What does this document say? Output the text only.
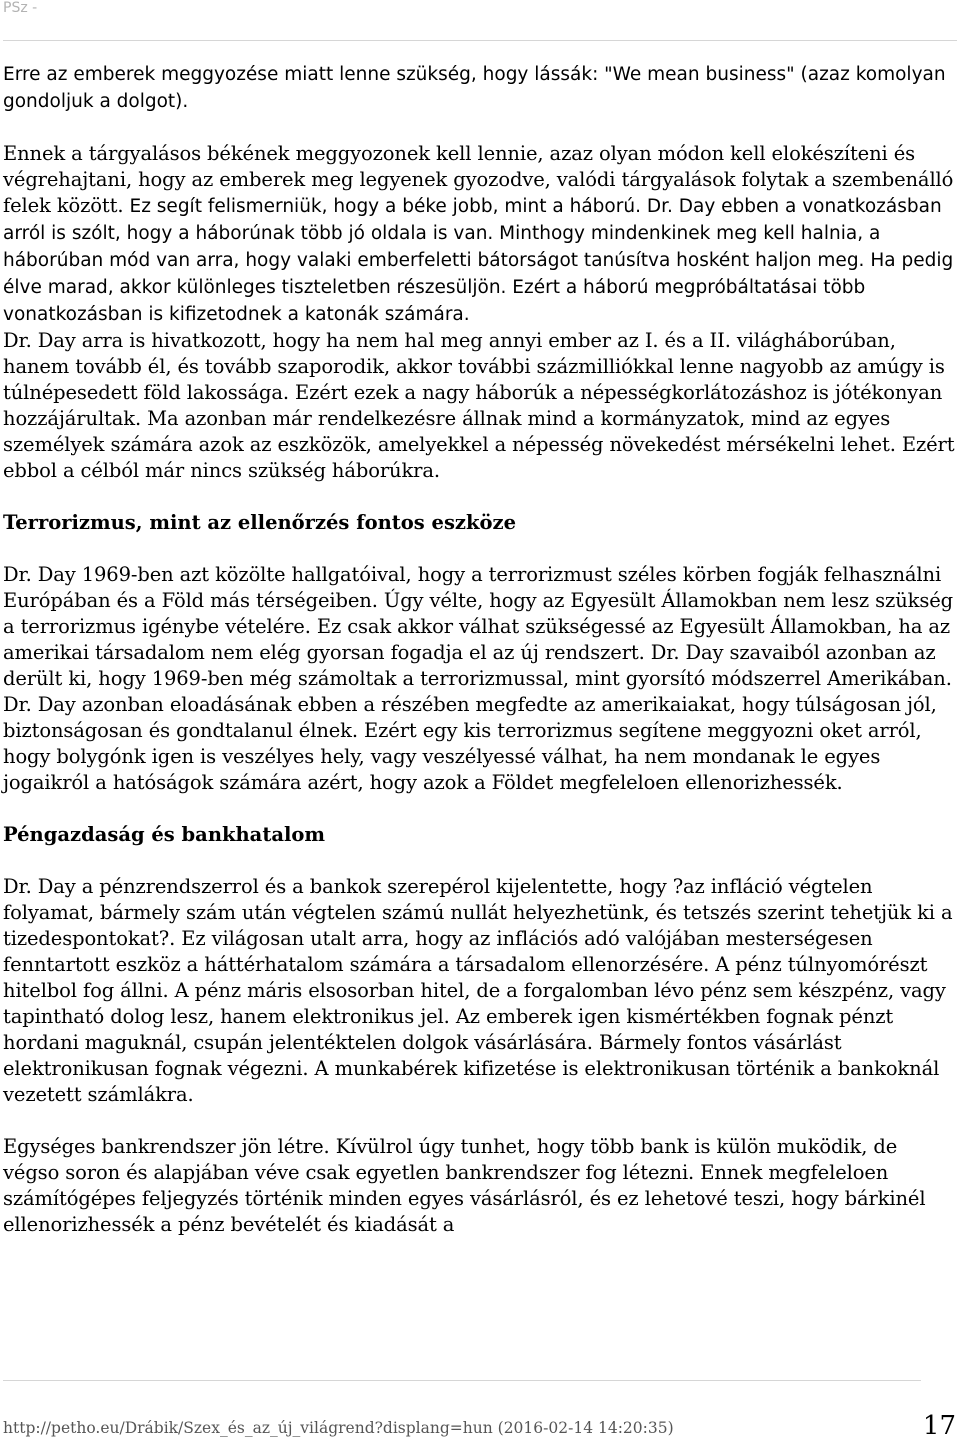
PSz -

Erre az emberek meggyozése miatt lenne szükség, hogy lássák: "We mean business" (azaz komolyan gondoljuk a dolgot).

Ennek a tárgyalásos békének meggyozonek kell lennie, azaz olyan módon kell elokészíteni és végrehajtani, hogy az emberek meg legyenek gyozodve, valódi tárgyalások folytak a szembenálló felek között. Ez segít felismerniük, hogy a béke jobb, mint a háború. Dr. Day ebben a vonatkozásban arról is szólt, hogy a háborúnak több jó oldala is van. Minthogy mindenkinek meg kell halnia, a háborúban mód van arra, hogy valaki emberfeletti bátorságot tanúsítva hosként haljon meg. Ha pedig élve marad, akkor különleges tiszteletben részesüljön. Ezért a háború megpróbáltatásai több vonatkozásban is kifizetodnek a katonák számára.
Dr. Day arra is hivatkozott, hogy ha nem hal meg annyi ember az I. és a II. világháborúban, hanem tovább él, és tovább szaporodik, akkor további százmilliókkal lenne nagyobb az amúgy is túlnépesedett föld lakossága. Ezért ezek a nagy háborúk a népességkorlátozáshoz is jótékonyan hozzájárultak. Ma azonban már rendelkezésre állnak mind a kormányzatok, mind az egyes személyek számára azok az eszközök, amelyekkel a népesség növekedést mérsékelni lehet. Ezért ebbol a célból már nincs szükség háborúkra.

Terrorizmus, mint az ellenőrzés fontos eszköze

Dr. Day 1969-ben azt közölte hallgatóival, hogy a terrorizmust széles körben fogják felhasználni Európában és a Föld más térségeiben. Úgy vélte, hogy az Egyesült Államokban nem lesz szükség a terrorizmus igénybe vételére. Ez csak akkor válhat szükségessé az Egyesült Államokban, ha az amerikai társadalom nem elég gyorsan fogadja el az új rendszert. Dr. Day szavaiból azonban az derült ki, hogy 1969-ben még számoltak a terrorizmussal, mint gyorsító módszerrel Amerikában. Dr. Day azonban eloadásának ebben a részében megfedte az amerikaiakat, hogy túlságosan jól, biztonságosan és gondtalanul élnek. Ezért egy kis terrorizmus segítene meggyozni oket arról, hogy bolygónk igen is veszélyes hely, vagy veszélyessé válhat, ha nem mondanak le egyes jogaikról a hatóságok számára azért, hogy azok a Földet megfeleloen ellenorizhessék.

Péngazdaság és bankhatalom

Dr. Day a pénzrendszerrol és a bankok szerepérol kijelentette, hogy ?az infláció végtelen folyamat, bármely szám után végtelen számú nullát helyezhetünk, és tetszés szerint tehetjük ki a tizedespontokat?. Ez világosan utalt arra, hogy az inflációs adó valójában mesterségesen fenntartott eszköz a háttérhatalom számára a társadalom ellenorzésére. A pénz túlnyomórészt hitelbol fog állni. A pénz máris elsosorban hitel, de a forgalomban lévo pénz sem készpénz, vagy tapintható dolog lesz, hanem elektronikus jel. Az emberek igen kismértékben fognak pénzt hordani maguknál, csupán jelentéktelen dolgok vásárlására. Bármely fontos vásárlást elektronikusan fognak végezni. A munkabérek kifizetése is elektronikusan történik a bankoknál vezetett számlákra.

Egységes bankrendszer jön létre. Kívülrol úgy tunhet, hogy több bank is külön muködik, de végso soron és alapjában véve csak egyetlen bankrendszer fog létezni. Ennek megfeleloen számítógépes feljegyzés történik minden egyes vásárlásról, és ez lehetové teszi, hogy bárkinél ellenorizhessék a pénz bevételét és kiadását a

http://petho.eu/Drábik/Szex_és_az_új_világrend?displang=hun (2016-02-14 14:20:35)	17
